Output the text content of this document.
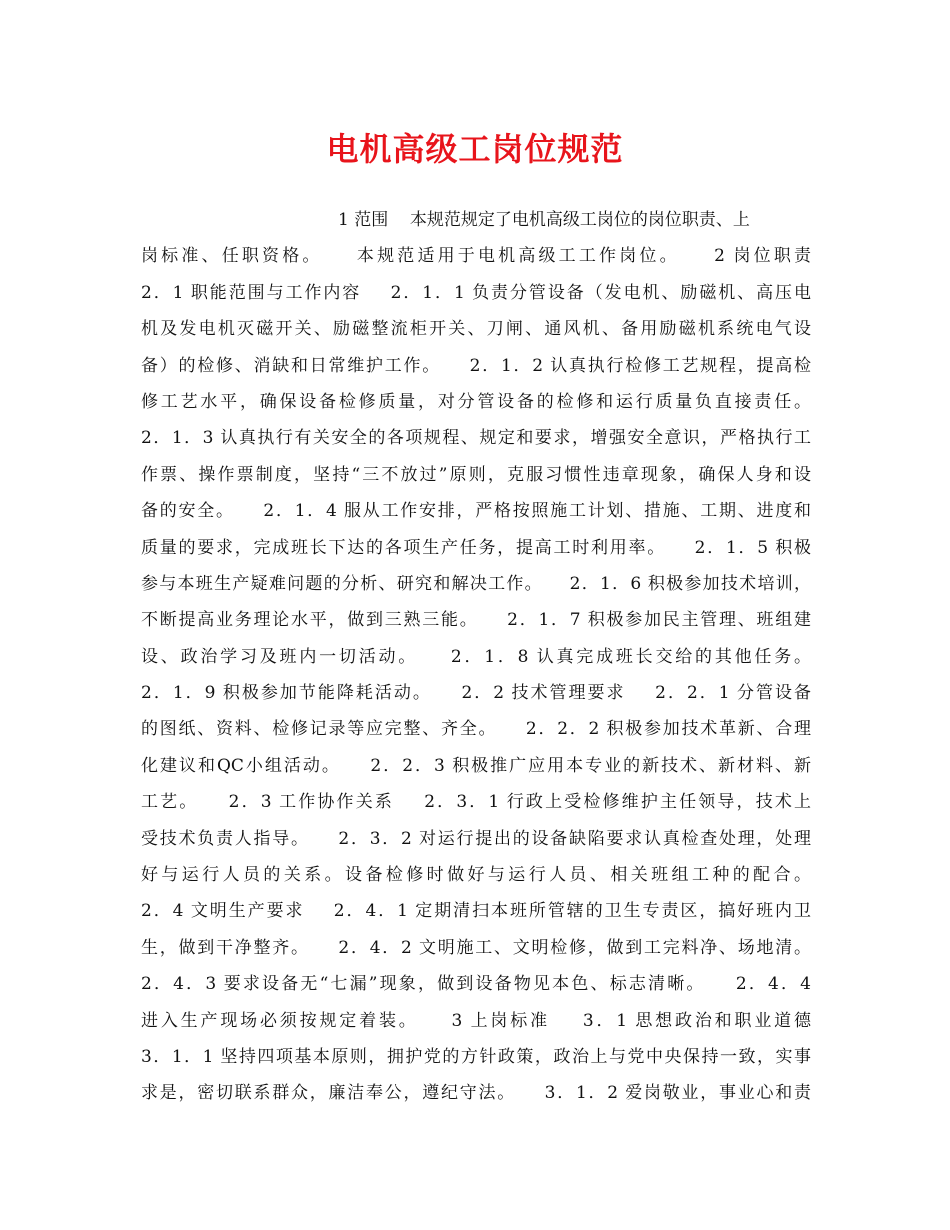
电机高级工岗位规范
1 范围    本规范规定了电机高级工岗位的岗位职责、上
岗标准、任职资格。    本规范适用于电机高级工工作岗位。    2 岗位职责
2．1 职能范围与工作内容    2．1．1 负责分管设备（发电机、励磁机、高压电
机及发电机灭磁开关、励磁整流柜开关、刀闸、通风机、备用励磁机系统电气设
备）的检修、消缺和日常维护工作。    2．1．2 认真执行检修工艺规程，提高检
修工艺水平，确保设备检修质量，对分管设备的检修和运行质量负直接责任。
2．1．3 认真执行有关安全的各项规程、规定和要求，增强安全意识，严格执行工
作票、操作票制度，坚持“三不放过”原则，克服习惯性违章现象，确保人身和设
备的安全。    2．1．4 服从工作安排，严格按照施工计划、措施、工期、进度和
质量的要求，完成班长下达的各项生产任务，提高工时利用率。    2．1．5 积极
参与本班生产疑难问题的分析、研究和解决工作。    2．1．6 积极参加技术培训，
不断提高业务理论水平，做到三熟三能。    2．1．7 积极参加民主管理、班组建
设、政治学习及班内一切活动。    2．1．8 认真完成班长交给的其他任务。
2．1．9 积极参加节能降耗活动。    2．2 技术管理要求    2．2．1 分管设备
的图纸、资料、检修记录等应完整、齐全。    2．2．2 积极参加技术革新、合理
化建议和QC小组活动。    2．2．3 积极推广应用本专业的新技术、新材料、新
工艺。    2．3 工作协作关系    2．3．1 行政上受检修维护主任领导，技术上
受技术负责人指导。    2．3．2 对运行提出的设备缺陷要求认真检查处理，处理
好与运行人员的关系。设备检修时做好与运行人员、相关班组工种的配合。
2．4 文明生产要求    2．4．1 定期清扫本班所管辖的卫生专责区，搞好班内卫
生，做到干净整齐。    2．4．2 文明施工、文明检修，做到工完料净、场地清。
2．4．3 要求设备无“七漏”现象，做到设备物见本色、标志清晰。    2．4．4
进入生产现场必须按规定着装。    3 上岗标准    3．1 思想政治和职业道德
3．1．1 坚持四项基本原则，拥护党的方针政策，政治上与党中央保持一致，实事
求是，密切联系群众，廉洁奉公，遵纪守法。    3．1．2 爱岗敬业，事业心和责
